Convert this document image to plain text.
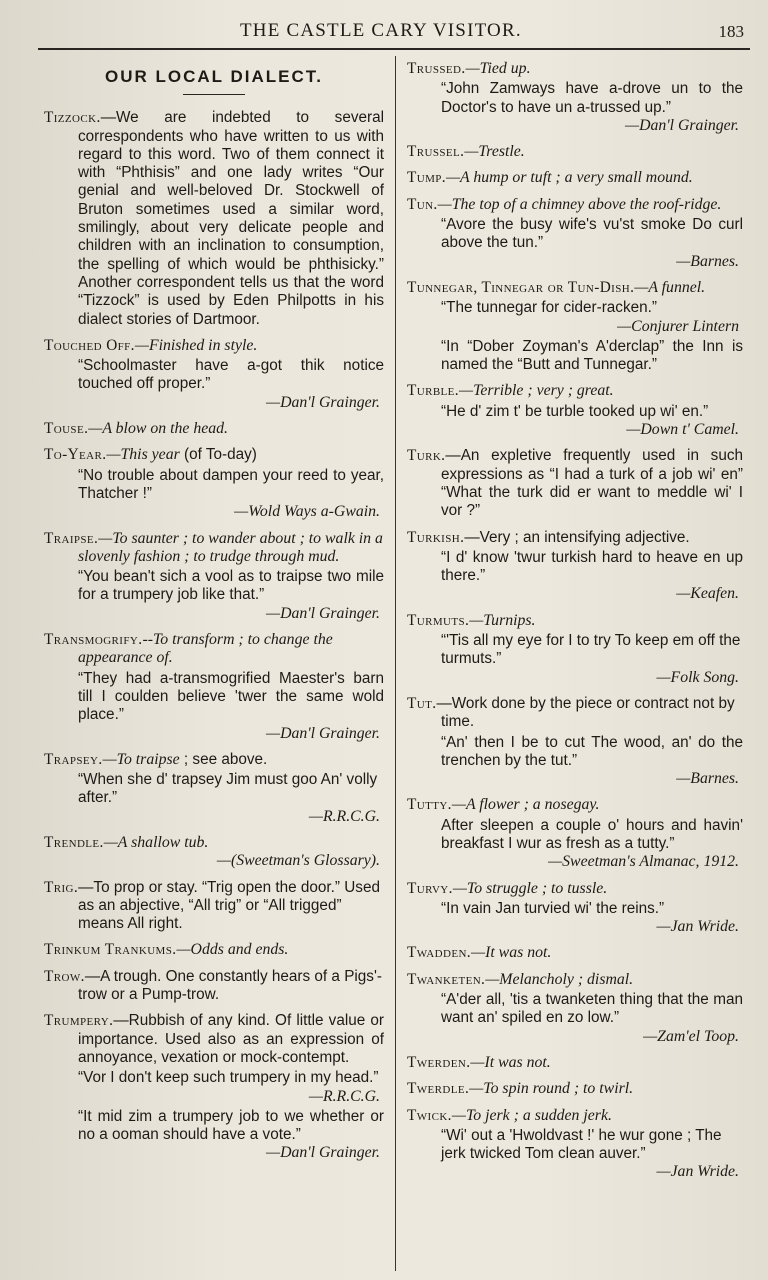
THE CASTLE CARY VISITOR.	183
OUR LOCAL DIALECT.
Tizzock.—We are indebted to several correspondents who have written to us with regard to this word. Two of them connect it with “Phthisis” and one lady writes “Our genial and well-beloved Dr. Stockwell of Bruton sometimes used a similar word, smilingly, about very delicate people and children with an inclination to consumption, the spelling of which would be phthisicky.” Another correspondent tells us that the word “Tizzock” is used by Eden Philpotts in his dialect stories of Dartmoor.
Touched Off.—Finished in style.
“Schoolmaster have a-got thik notice touched off proper.”
—Dan'l Grainger.
Touse.—A blow on the head.
To-Year.—This year (of To-day)
“No trouble about dampen your reed to year, Thatcher !”
—Wold Ways a-Gwain.
Traipse.—To saunter ; to wander about ; to walk in a slovenly fashion ; to trudge through mud.
“You bean't sich a vool as to traipse two mile for a trumpery job like that.”
—Dan'l Grainger.
Transmogrify.--To transform ; to change the appearance of.
“They had a-transmogrified Maester's barn till I coulden believe 'twer the same wold place.”
—Dan'l Grainger.
Trapsey.—To traipse ; see above.
“When she d' trapsey Jim must goo An' volly after.”
—R.R.C.G.
Trendle.—A shallow tub.
—(Sweetman's Glossary).
Trig.—To prop or stay. “Trig open the door.” Used as an abjective, “All trig” or “All trigged” means All right.
Trinkum Trankums.—Odds and ends.
Trow.—A trough. One constantly hears of a Pigs'-trow or a Pump-trow.
Trumpery.—Rubbish of any kind. Of little value or importance. Used also as an expression of annoyance, vexation or mock-contempt.
“Vor I don't keep such trumpery in my head.”
—R.R.C.G.
“It mid zim a trumpery job to we whether or no a ooman should have a vote.”
—Dan'l Grainger.
Trussed.—Tied up.
“John Zamways have a-drove un to the Doctor's to have un a-trussed up.”
—Dan'l Grainger.
Trussel.—Trestle.
Tump.—A hump or tuft ; a very small mound.
Tun.—The top of a chimney above the roof-ridge.
“Avore the busy wife's vu'st smoke Do curl above the tun.”
—Barnes.
Tunnegar, Tinnegar or Tun-Dish.—A funnel.
“The tunnegar for cider-racken.”
—Conjurer Lintern
“In “Dober Zoyman's A'derclap” the Inn is named the “Butt and Tunnegar.”
Turble.—Terrible ; very ; great.
“He d' zim t' be turble tooked up wi' en.”
—Down t' Camel.
Turk.—An expletive frequently used in such expressions as “I had a turk of a job wi' en” “What the turk did er want to meddle wi' I vor ?”
Turkish.—Very ; an intensifying adjective.
“I d' know 'twur turkish hard to heave en up there.”
—Keafen.
Turmuts.—Turnips.
“'Tis all my eye for I to try To keep em off the turmuts.”
—Folk Song.
Tut.—Work done by the piece or contract not by time.
“An' then I be to cut The wood, an' do the trenchen by the tut.”
—Barnes.
Tutty.—A flower ; a nosegay.
After sleepen a couple o' hours and havin' breakfast I wur as fresh as a tutty.”
—Sweetman's Almanac, 1912.
Turvy.—To struggle ; to tussle.
“In vain Jan turvied wi' the reins.”
—Jan Wride.
Twadden.—It was not.
Twanketen.—Melancholy ; dismal.
“A'der all, 'tis a twanketen thing that the man want an' spiled en zo low.”
—Zam'el Toop.
Twerden.—It was not.
Twerdle.—To spin round ; to twirl.
Twick.—To jerk ; a sudden jerk.
“Wi' out a 'Hwoldvast !' he wur gone ; The jerk twicked Tom clean auver.”
—Jan Wride.
